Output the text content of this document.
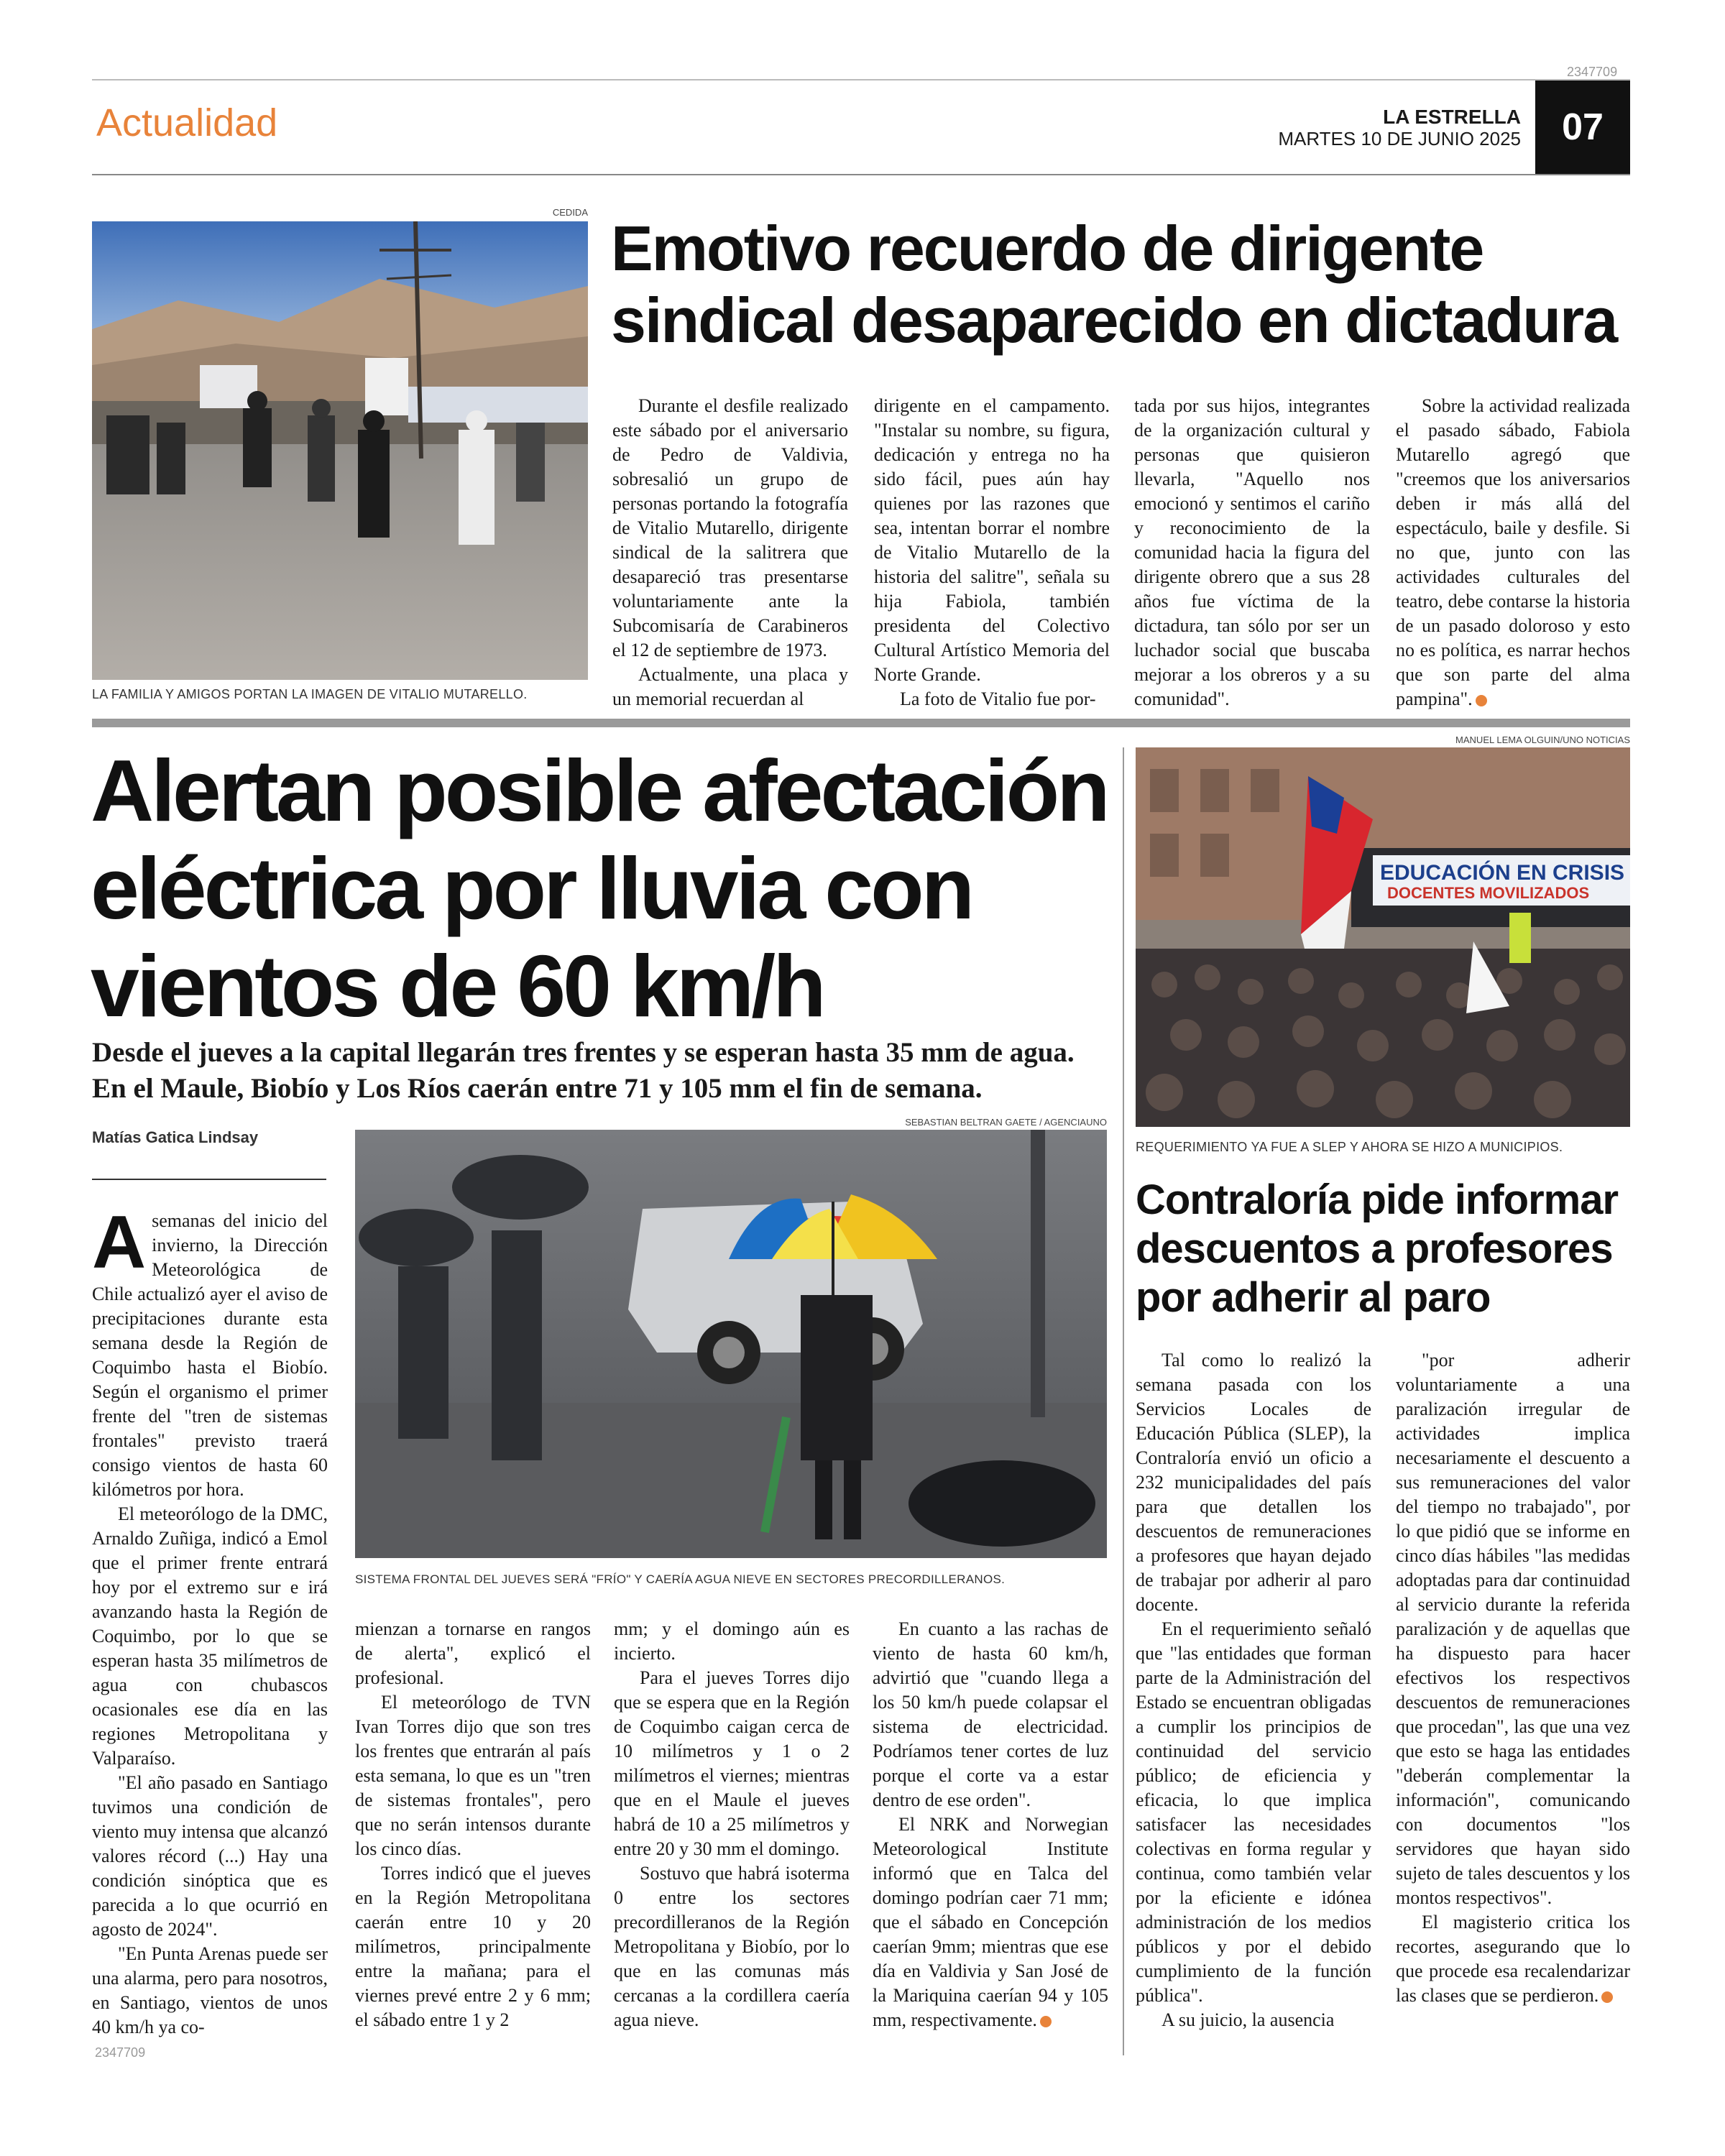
2347709
2347709
Actualidad	LA ESTRELLA
MARTES 10 DE JUNIO 2025	07
CEDIDA
LA FAMILIA Y AMIGOS PORTAN LA IMAGEN DE VITALIO MUTARELLO.
Emotivo recuerdo de dirigente
sindical desaparecido en dictadura

Durante el desfile realizado este sábado por el aniversario de Pedro de Valdivia, sobresalió un grupo de personas portando la fotografía de Vitalio Mutarello, dirigente sindical de la salitrera que desapareció tras presentarse voluntariamente ante la Subcomisaría de Carabineros el 12 de septiembre de 1973.

Actualmente, una placa y un memorial recuerdan al

dirigente en el campamento. "Instalar su nombre, su figura, dedicación y entrega no ha sido fácil, pues aún hay quienes por las razones que sea, intentan borrar el nombre de Vitalio Mutarello de la historia del salitre", señala su hija Fabiola, también presidenta del Colectivo Cultural Artístico Memoria del Norte Grande.

La foto de Vitalio fue por-

tada por sus hijos, integrantes de la organización cultural y personas que quisieron llevarla, "Aquello nos emocionó y sentimos el cariño y reconocimiento de la comunidad hacia la figura del dirigente obrero que a sus 28 años fue víctima de la dictadura, tan sólo por ser un luchador social que buscaba mejorar a los obreros y a su comunidad".

Sobre la actividad realizada el pasado sábado, Fabiola Mutarello agregó que "creemos que los aniversarios deben ir más allá del espectáculo, baile y desfile. Si no que, junto con las actividades culturales del teatro, debe contarse la historia de un pasado doloroso y esto no es política, es narrar hechos que son parte del alma pampina".

Alertan posible afectación
eléctrica por lluvia con
vientos de 60 km/h
Desde el jueves a la capital llegarán tres frentes y se esperan hasta 35 mm de agua. En el Maule, Biobío y Los Ríos caerán entre 71 y 105 mm el fin de semana.
Matías Gatica Lindsay
SEBASTIAN BELTRAN GAETE / AGENCIAUNO
SISTEMA FRONTAL DEL JUEVES SERÁ "FRÍO" Y CAERÍA AGUA NIEVE EN SECTORES PRECORDILLERANOS.

Asemanas del inicio del invierno, la Dirección Meteorológica de Chile actualizó ayer el aviso de precipitaciones durante esta semana desde la Región de Coquimbo hasta el Biobío. Según el organismo el primer frente del "tren de sistemas frontales" previsto traerá consigo vientos de hasta 60 kilómetros por hora.

El meteorólogo de la DMC, Arnaldo Zuñiga, indicó a Emol que el primer frente entrará hoy por el extremo sur e irá avanzando hasta la Región de Coquimbo, por lo que se esperan hasta 35 milímetros de agua con chubascos ocasionales ese día en las regiones Metropolitana y Valparaíso.

"El año pasado en Santiago tuvimos una condición de viento muy intensa que alcanzó valores récord (...) Hay una condición sinóptica que es parecida a lo que ocurrió en agosto de 2024".

"En Punta Arenas puede ser una alarma, pero para nosotros, en Santiago, vientos de unos 40 km/h ya co-

mienzan a tornarse en rangos de alerta", explicó el profesional.

El meteorólogo de TVN Ivan Torres dijo que son tres los frentes que entrarán al país esta semana, lo que es un "tren de sistemas frontales", pero que no serán intensos durante los cinco días.

Torres indicó que el jueves en la Región Metropolitana caerán entre 10 y 20 milímetros, principalmente entre la mañana; para el viernes prevé entre 2 y 6 mm; el sábado entre 1 y 2

mm; y el domingo aún es incierto.

Para el jueves Torres dijo que se espera que en la Región de Coquimbo caigan cerca de 10 milímetros y 1 o 2 milímetros el viernes; mientras que en el Maule el jueves habrá de 10 a 25 milímetros y entre 20 y 30 mm el domingo.

Sostuvo que habrá isoterma 0 entre los sectores precordilleranos de la Región Metropolitana y Biobío, por lo que en las comunas más cercanas a la cordillera caería agua nieve.

En cuanto a las rachas de viento de hasta 60 km/h, advirtió que "cuando llega a los 50 km/h puede colapsar el sistema de electricidad. Podríamos tener cortes de luz porque el corte va a estar dentro de ese orden".

El NRK and Norwegian Meteorological Institute informó que en Talca del domingo podrían caer 71 mm; que el sábado en Concepción caerían 9mm; mientras que ese día en Valdivia y San José de la Mariquina caerían 94 y 105 mm, respectivamente.

MANUEL LEMA OLGUIN/UNO NOTICIAS
EDUCACIÓN EN CRISIS
DOCENTES MOVILIZADOS
REQUERIMIENTO YA FUE A SLEP Y AHORA SE HIZO A MUNICIPIOS.
Contraloría pide informar
descuentos a profesores
por adherir al paro

Tal como lo realizó la semana pasada con los Servicios Locales de Educación Pública (SLEP), la Contraloría envió un oficio a 232 municipalidades del país para que detallen los descuentos de remuneraciones a profesores que hayan dejado de trabajar por adherir al paro docente.

En el requerimiento señaló que "las entidades que forman parte de la Administración del Estado se encuentran obligadas a cumplir los principios de continuidad del servicio público; de eficiencia y eficacia, lo que implica satisfacer las necesidades colectivas en forma regular y continua, como también velar por la eficiente e idónea administración de los medios públicos y por el debido cumplimiento de la función pública".

A su juicio, la ausencia

"por adherir voluntariamente a una paralización irregular de actividades implica necesariamente el descuento a sus remuneraciones del valor del tiempo no trabajado", por lo que pidió que se informe en cinco días hábiles "las medidas adoptadas para dar continuidad al servicio durante la referida paralización y de aquellas que ha dispuesto para hacer efectivos los respectivos descuentos de remuneraciones que procedan", las que una vez que esto se haga las entidades "deberán complementar la información", comunicando con documentos "los servidores que hayan sido sujeto de tales descuentos y los montos respectivos".

El magisterio critica los recortes, asegurando que lo que procede esa recalendarizar las clases que se perdieron.
